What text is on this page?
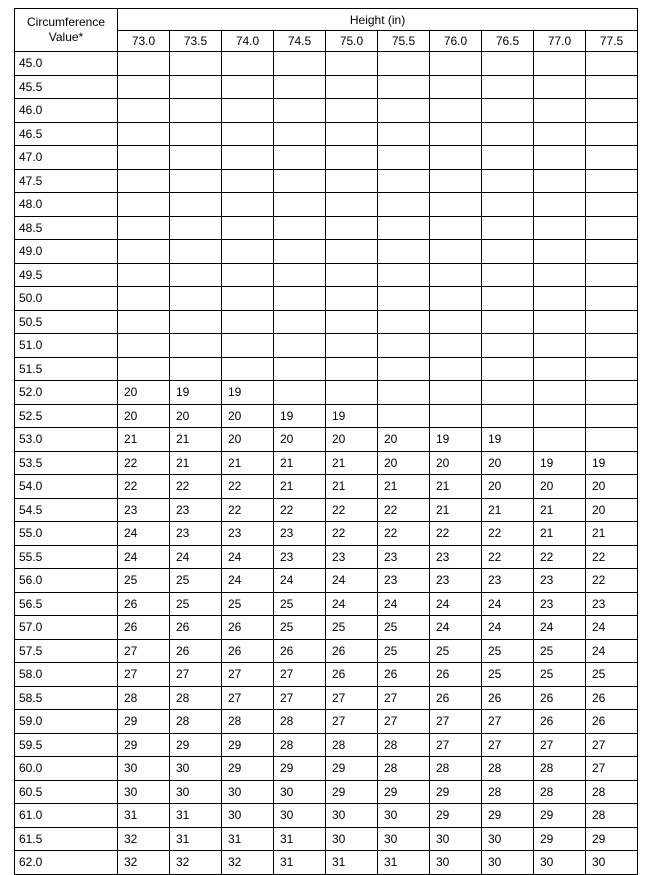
Circumference
Value*	Height (in)									
	73.0	73.5	74.0	74.5	75.0	75.5	76.0	76.5	77.0	77.5
45.0										
45.5										
46.0										
46.5										
47.0										
47.5										
48.0										
48.5										
49.0										
49.5										
50.0										
50.5										
51.0										
51.5										
52.0	20	19	19							
52.5	20	20	20	19	19					
53.0	21	21	20	20	20	20	19	19		
53.5	22	21	21	21	21	20	20	20	19	19
54.0	22	22	22	21	21	21	21	20	20	20
54.5	23	23	22	22	22	22	21	21	21	20
55.0	24	23	23	23	22	22	22	22	21	21
55.5	24	24	24	23	23	23	23	22	22	22
56.0	25	25	24	24	24	23	23	23	23	22
56.5	26	25	25	25	24	24	24	24	23	23
57.0	26	26	26	25	25	25	24	24	24	24
57.5	27	26	26	26	26	25	25	25	25	24
58.0	27	27	27	27	26	26	26	25	25	25
58.5	28	28	27	27	27	27	26	26	26	26
59.0	29	28	28	28	27	27	27	27	26	26
59.5	29	29	29	28	28	28	27	27	27	27
60.0	30	30	29	29	29	28	28	28	28	27
60.5	30	30	30	30	29	29	29	28	28	28
61.0	31	31	30	30	30	30	29	29	29	28
61.5	32	31	31	31	30	30	30	30	29	29
62.0	32	32	32	31	31	31	30	30	30	30
